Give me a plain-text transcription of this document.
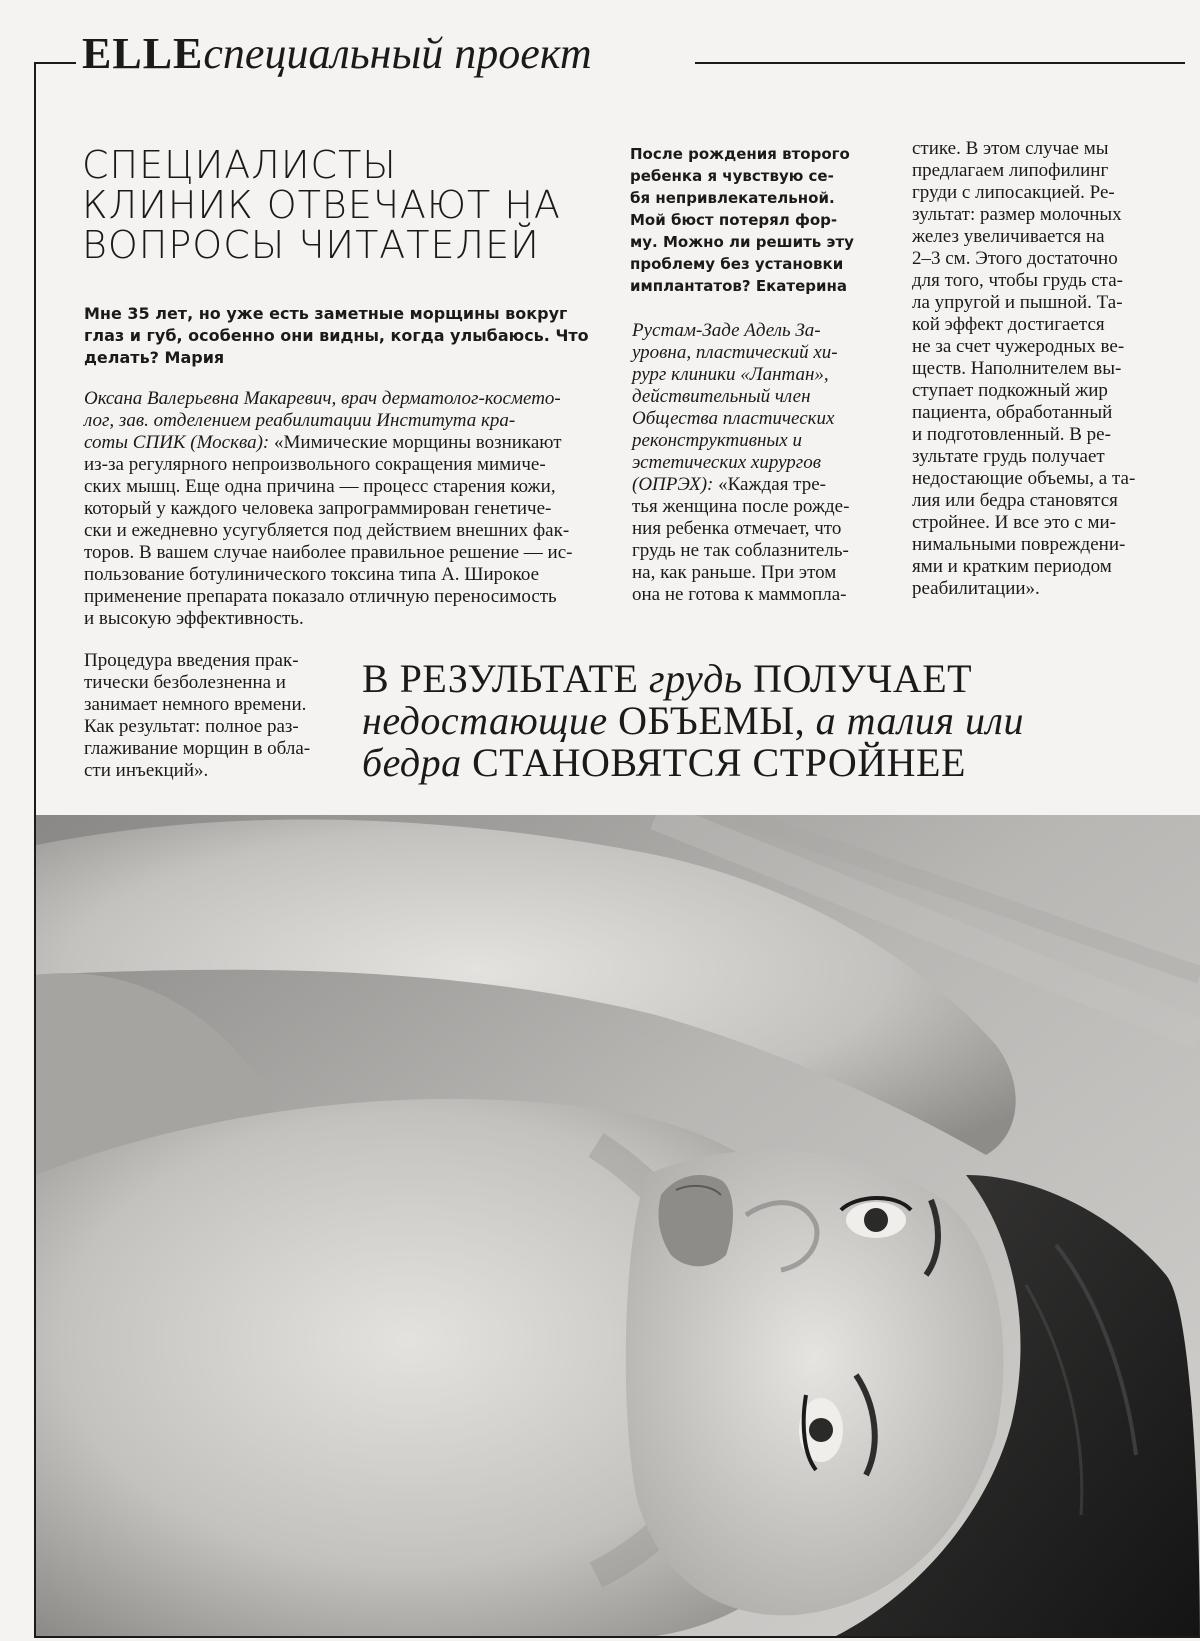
ELLEспециальный проект
СПЕЦИАЛИСТЫ
КЛИНИК ОТВЕЧАЮТ НА
ВОПРОСЫ ЧИТАТЕЛЕЙ
Мне 35 лет, но уже есть заметные морщины вокруг
глаз и губ, особенно они видны, когда улыбаюсь. Что
делать? Мария
Оксана Валерьевна Макаревич, врач дерматолог-космето-
лог, зав. отделением реабилитации Института кра-
соты СПИК (Москва): «Мимические морщины возникают
из-за регулярного непроизвольного сокращения мимиче-
ских мышц. Еще одна причина — процесс старения кожи,
который у каждого человека запрограммирован генетиче-
ски и ежедневно усугубляется под действием внешних фак-
торов. В вашем случае наиболее правильное решение — ис-
пользование ботулинического токсина типа А. Широкое
применение препарата показало отличную переносимость
и высокую эффективность.
Процедура введения прак-
тически безболезненна и
занимает немного времени.
Как результат: полное раз-
глаживание морщин в обла-
сти инъекций».
После рождения второго
ребенка я чувствую се-
бя непривлекательной.
Мой бюст потерял фор-
му. Можно ли решить эту
проблему без установки
имплантатов? Екатерина
Рустам-Заде Адель За-
уровна, пластический хи-
рург клиники «Лантан»,
действительный член
Общества пластических
реконструктивных и
эстетических хирургов
(ОПРЭХ): «Каждая тре-
тья женщина после рожде-
ния ребенка отмечает, что
грудь не так соблазнитель-
на, как раньше. При этом
она не готова к маммопла-
стике. В этом случае мы
предлагаем липофилинг
груди с липосакцией. Ре-
зультат: размер молочных
желез увеличивается на
2–3 см. Этого достаточно
для того, чтобы грудь ста-
ла упругой и пышной. Та-
кой эффект достигается
не за счет чужеродных ве-
ществ. Наполнителем вы-
ступает подкожный жир
пациента, обработанный
и подготовленный. В ре-
зультате грудь получает
недостающие объемы, а та-
лия или бедра становятся
стройнее. И все это с ми-
нимальными повреждени-
ями и кратким периодом
реабилитации».
В РЕЗУЛЬТАТЕ грудь ПОЛУЧАЕТ
недостающие ОБЪЕМЫ, а талия или
бедра СТАНОВЯТСЯ СТРОЙНЕЕ
